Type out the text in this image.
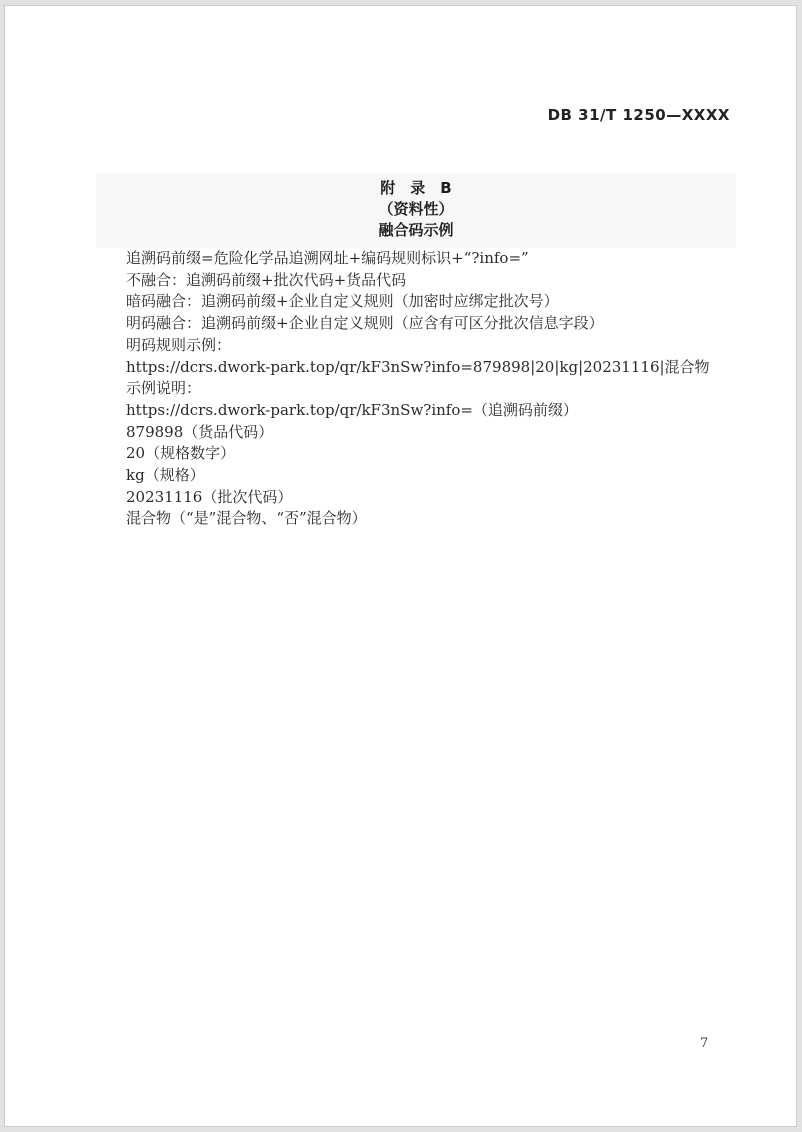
DB 31/T 1250—XXXX
附　录　B
（资料性）
融合码示例
追溯码前缀=危险化学品追溯网址+编码规则标识+“?info=”
不融合：追溯码前缀+批次代码+货品代码
暗码融合：追溯码前缀+企业自定义规则（加密时应绑定批次号）
明码融合：追溯码前缀+企业自定义规则（应含有可区分批次信息字段）
明码规则示例：
https://dcrs.dwork-park.top/qr/kF3nSw?info=879898|20|kg|20231116|混合物
示例说明：
https://dcrs.dwork-park.top/qr/kF3nSw?info=（追溯码前缀）
879898（货品代码）
20（规格数字）
kg（规格）
20231116（批次代码）
混合物（“是”混合物、“否”混合物）
7
